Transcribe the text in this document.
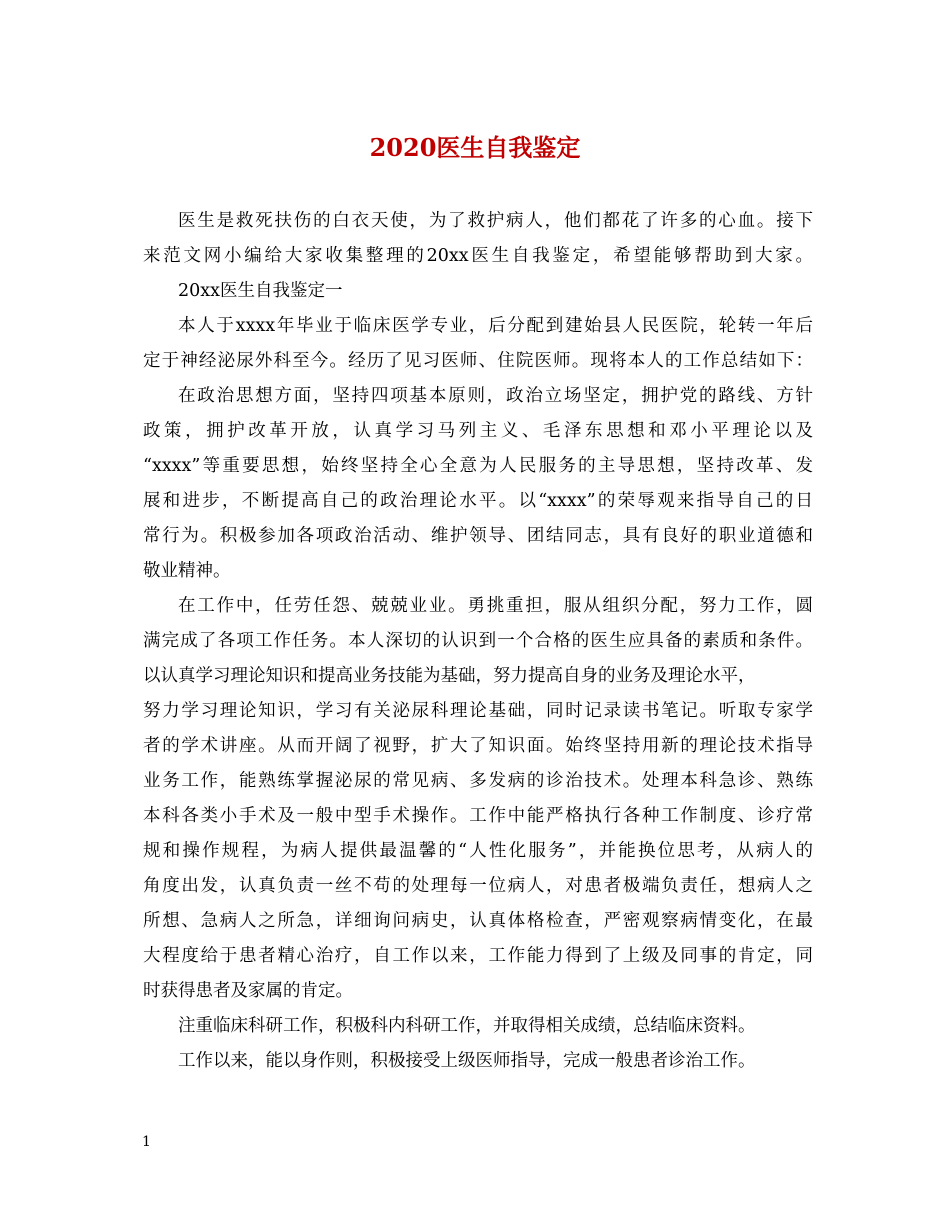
2020医生自我鉴定
医生是救死扶伤的白衣天使，为了救护病人，他们都花了许多的心血。接下
来范文网小编给大家收集整理的20xx医生自我鉴定，希望能够帮助到大家。
20xx医生自我鉴定一
本人于xxxx年毕业于临床医学专业，后分配到建始县人民医院，轮转一年后
定于神经泌尿外科至今。经历了见习医师、住院医师。现将本人的工作总结如下：
在政治思想方面，坚持四项基本原则，政治立场坚定，拥护党的路线、方针
政策，拥护改革开放，认真学习马列主义、毛泽东思想和邓小平理论以及
“xxxx”等重要思想，始终坚持全心全意为人民服务的主导思想，坚持改革、发
展和进步，不断提高自己的政治理论水平。以“xxxx”的荣辱观来指导自己的日
常行为。积极参加各项政治活动、维护领导、团结同志，具有良好的职业道德和
敬业精神。
在工作中，任劳任怨、兢兢业业。勇挑重担，服从组织分配，努力工作，圆
满完成了各项工作任务。本人深切的认识到一个合格的医生应具备的素质和条件。
以认真学习理论知识和提高业务技能为基础，努力提高自身的业务及理论水平，
努力学习理论知识，学习有关泌尿科理论基础，同时记录读书笔记。听取专家学
者的学术讲座。从而开阔了视野，扩大了知识面。始终坚持用新的理论技术指导
业务工作，能熟练掌握泌尿的常见病、多发病的诊治技术。处理本科急诊、熟练
本科各类小手术及一般中型手术操作。工作中能严格执行各种工作制度、诊疗常
规和操作规程，为病人提供最温馨的“人性化服务”，并能换位思考，从病人的
角度出发，认真负责一丝不苟的处理每一位病人，对患者极端负责任，想病人之
所想、急病人之所急，详细询问病史，认真体格检查，严密观察病情变化，在最
大程度给于患者精心治疗，自工作以来，工作能力得到了上级及同事的肯定，同
时获得患者及家属的肯定。
注重临床科研工作，积极科内科研工作，并取得相关成绩，总结临床资料。
工作以来，能以身作则，积极接受上级医师指导，完成一般患者诊治工作。
1
